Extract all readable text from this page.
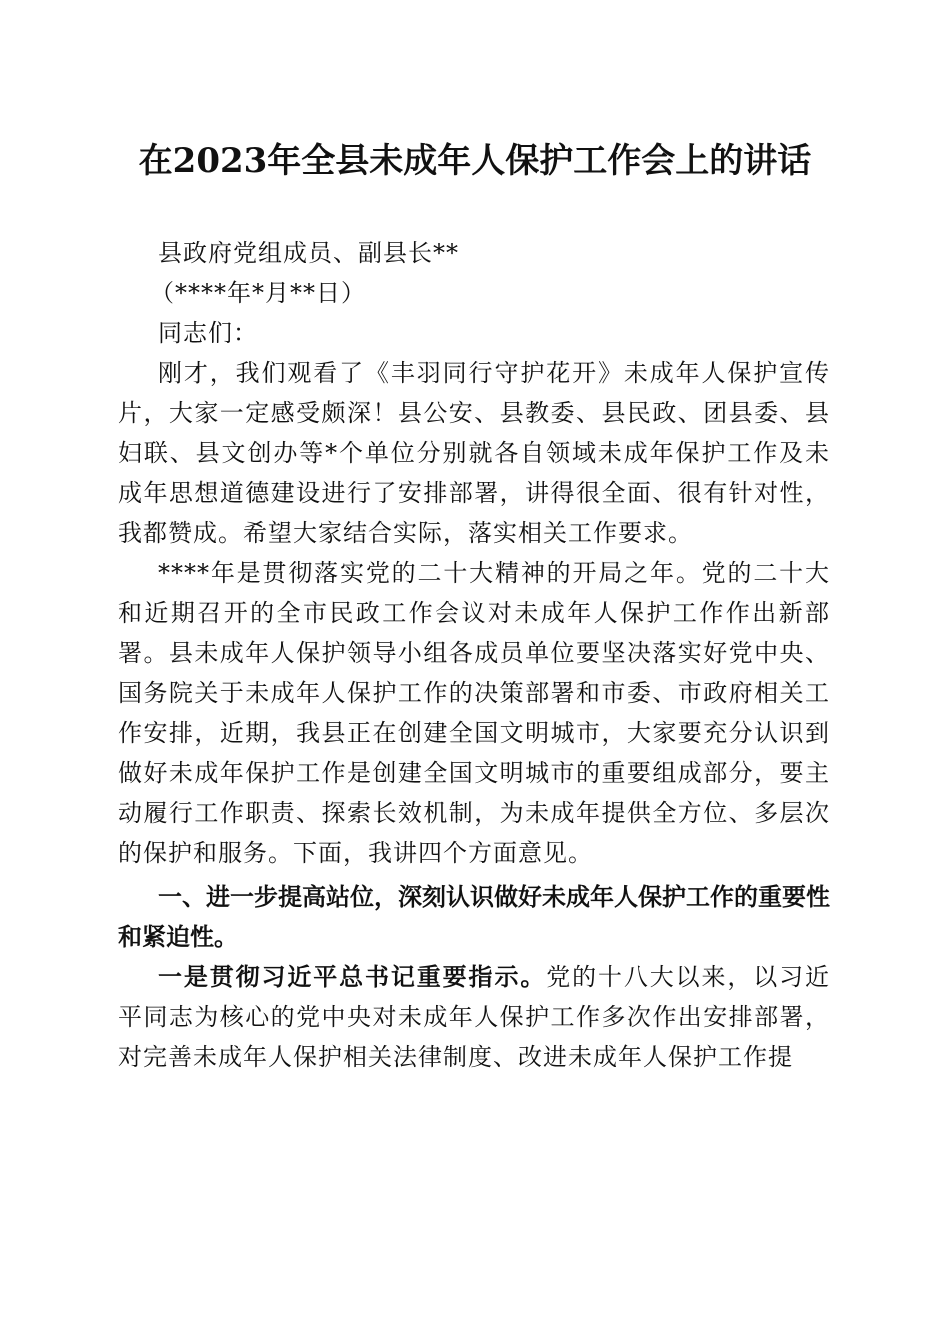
在2023年全县未成年人保护工作会上的讲话

县政府党组成员、副县长**

（****年*月**日）

同志们：

刚才，我们观看了《丰羽同行守护花开》未成年人保护宣传片，大家一定感受颇深！县公安、县教委、县民政、团县委、县妇联、县文创办等*个单位分别就各自领域未成年保护工作及未成年思想道德建设进行了安排部署，讲得很全面、很有针对性，我都赞成。希望大家结合实际，落实相关工作要求。

****年是贯彻落实党的二十大精神的开局之年。党的二十大和近期召开的全市民政工作会议对未成年人保护工作作出新部署。县未成年人保护领导小组各成员单位要坚决落实好党中央、国务院关于未成年人保护工作的决策部署和市委、市政府相关工作安排，近期，我县正在创建全国文明城市，大家要充分认识到做好未成年保护工作是创建全国文明城市的重要组成部分，要主动履行工作职责、探索长效机制，为未成年提供全方位、多层次的保护和服务。下面，我讲四个方面意见。

一、进一步提高站位，深刻认识做好未成年人保护工作的重要性和紧迫性。

一是贯彻习近平总书记重要指示。党的十八大以来，以习近平同志为核心的党中央对未成年人保护工作多次作出安排部署，对完善未成年人保护相关法律制度、改进未成年人保护工作提
